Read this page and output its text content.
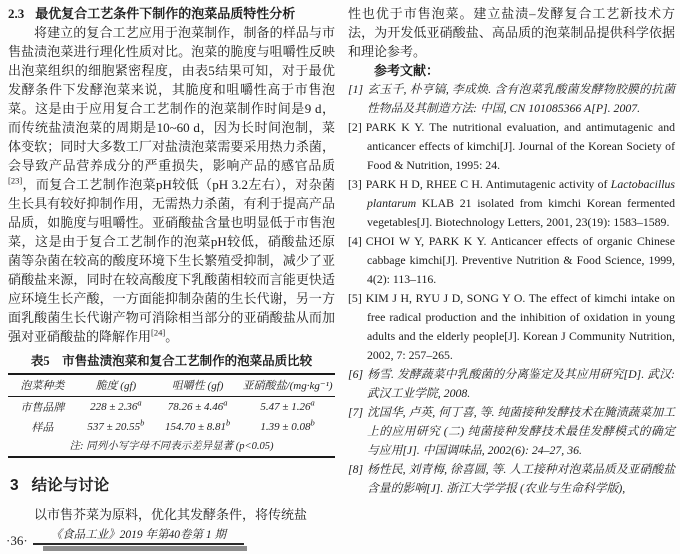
2.3 最优复合工艺条件下制作的泡菜品质特性分析

将建立的复合工艺应用于泡菜制作，制备的样品与市售盐渍泡菜进行理化性质对比。泡菜的脆度与咀嚼性反映出泡菜组织的细胞紧密程度，由表5结果可知，对于最优发酵条件下发酵泡菜来说，其脆度和咀嚼性高于市售泡菜。这是由于应用复合工艺制作的泡菜制作时间是9 d，而传统盐渍泡菜的周期是10~60 d，因为长时间泡制，菜体变软；同时大多数工厂对盐渍泡菜需要采用热力杀菌，会导致产品营养成分的严重损失，影响产品的感官品质[23]，而复合工艺制作泡菜pH较低（pH 3.2左右），对杂菌生长具有较好抑制作用，无需热力杀菌，有利于提高产品品质，如脆度与咀嚼性。亚硝酸盐含量也明显低于市售泡菜，这是由于复合工艺制作的泡菜pH较低，硝酸盐还原菌等杂菌在较高的酸度环境下生长繁殖受抑制，减少了亚硝酸盐来源，同时在较高酸度下乳酸菌相较而言能更快适应环境生长产酸，一方面能抑制杂菌的生长代谢，另一方面乳酸菌生长代谢产物可消除相当部分的亚硝酸盐从而加强对亚硝酸盐的降解作用[24]。

表5　市售盐渍泡菜和复合工艺制作的泡菜品质比较
泡菜种类	脆度 (gf)	咀嚼性 (gf)	亚硝酸盐/(mg·kg⁻¹)
市售品牌	228 ± 2.36$^a$	78.26 ± 4.46$^a$	5.47 ± 1.26$^a$
样品	537 ± 20.55$^b$	154.70 ± 8.81$^b$	1.39 ± 0.08$^b$
注: 同列小写字母不同表示差异显著 (p<0.05)			
3 结论与讨论

以市售芥菜为原料，优化其发酵条件，将传统盐

性也优于市售泡菜。建立盐渍–发酵复合工艺新技术方法，为开发低亚硝酸盐、高品质的泡菜制品提供科学依据和理论参考。

参考文献：

[1] 玄玉千, 朴亨镐, 李成焕. 含有泡菜乳酸菌发酵物胶膜的抗菌性物品及其制造方法: 中国, CN 101085366 A[P]. 2007.

[2] PARK K Y. The nutritional evaluation, and antimutagenic and anticancer effects of kimchi[J]. Journal of the Korean Society of Food & Nutrition, 1995: 24.

[3] PARK H D, RHEE C H. Antimutagenic activity of Lactobacillus plantarum KLAB 21 isolated from kimchi Korean fermented vegetables[J]. Biotechnology Letters, 2001, 23(19): 1583–1589.

[4] CHOI W Y, PARK K Y. Anticancer effects of organic Chinese cabbage kimchi[J]. Preventive Nutrition & Food Science, 1999, 4(2): 113–116.

[5] KIM J H, RYU J D, SONG Y O. The effect of kimchi intake on free radical production and the inhibition of oxidation in young adults and the elderly people[J]. Korean J Community Nutrition, 2002, 7: 257–265.

[6] 杨雪. 发酵蔬菜中乳酸菌的分离鉴定及其应用研究[D]. 武汉: 武汉工业学院, 2008.

[7] 沈国华, 卢英, 何丁喜, 等. 纯菌接种发酵技术在腌渍蔬菜加工上的应用研究 (二) 纯菌接种发酵技术最佳发酵模式的确定与应用[J]. 中国调味品, 2002(6): 24–27, 36.

[8] 杨性民, 刘青梅, 徐喜圆, 等. 人工接种对泡菜品质及亚硝酸盐含量的影响[J]. 浙江大学学报 (农业与生命科学版),

·36·	《食品工业》2019 年第40卷第 1 期
